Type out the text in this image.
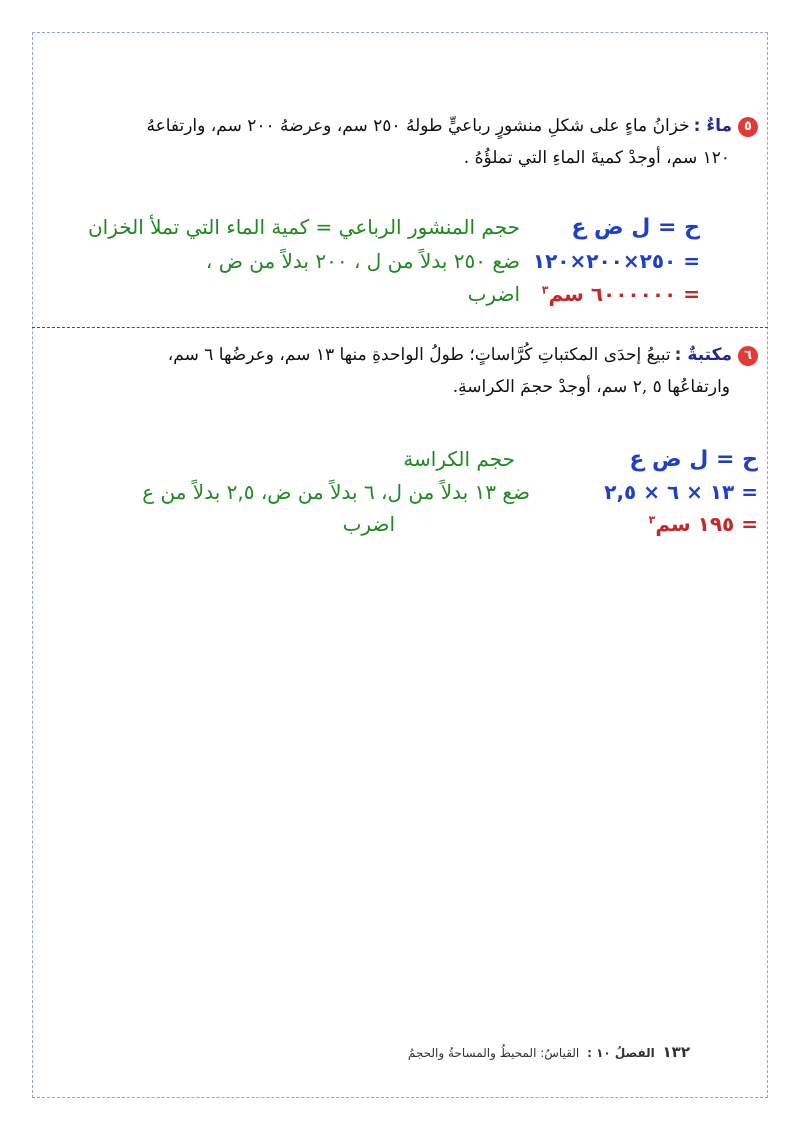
٥ماءٌ :خزانُ ماءٍ على شكلِ منشورٍ رباعيٍّ طولهُ ٢٥٠ سم، وعرضهُ ٢٠٠ سم، وارتفاعهُ
١٢٠ سم، أوجدْ كميةَ الماءِ التي تملؤُهُ .
ح = ل ض ع
حجم المنشور الرباعي = كمية الماء التي تملأ الخزان
= ٢٥٠×٢٠٠×١٢٠
ضع ٢٥٠ بدلاً من ل ، ٢٠٠ بدلاً من ض ،
= ٦٠٠٠٠٠٠ سم$^٣$
اضرب
٦مكتبةٌ :تبيعُ إحدَى المكتباتِ كُرَّاساتٍ؛ طولُ الواحدةِ منها ١٣ سم، وعرضُها ٦ سم،
وارتفاعُها ٥ ,٢ سم، أوجدْ حجمَ الكراسةِ.
ح = ل ض ع
حجم الكراسة
= ١٣ × ٦ × ٢,٥
ضع ١٣ بدلاً من ل، ٦ بدلاً من ض، ٢,٥ بدلاً من ع
= ١٩٥ سم$^٣$
اضرب
١٣٢ الفصلُ ١٠ : القياسُ: المحيطُ والمساحةُ والحجمُ
